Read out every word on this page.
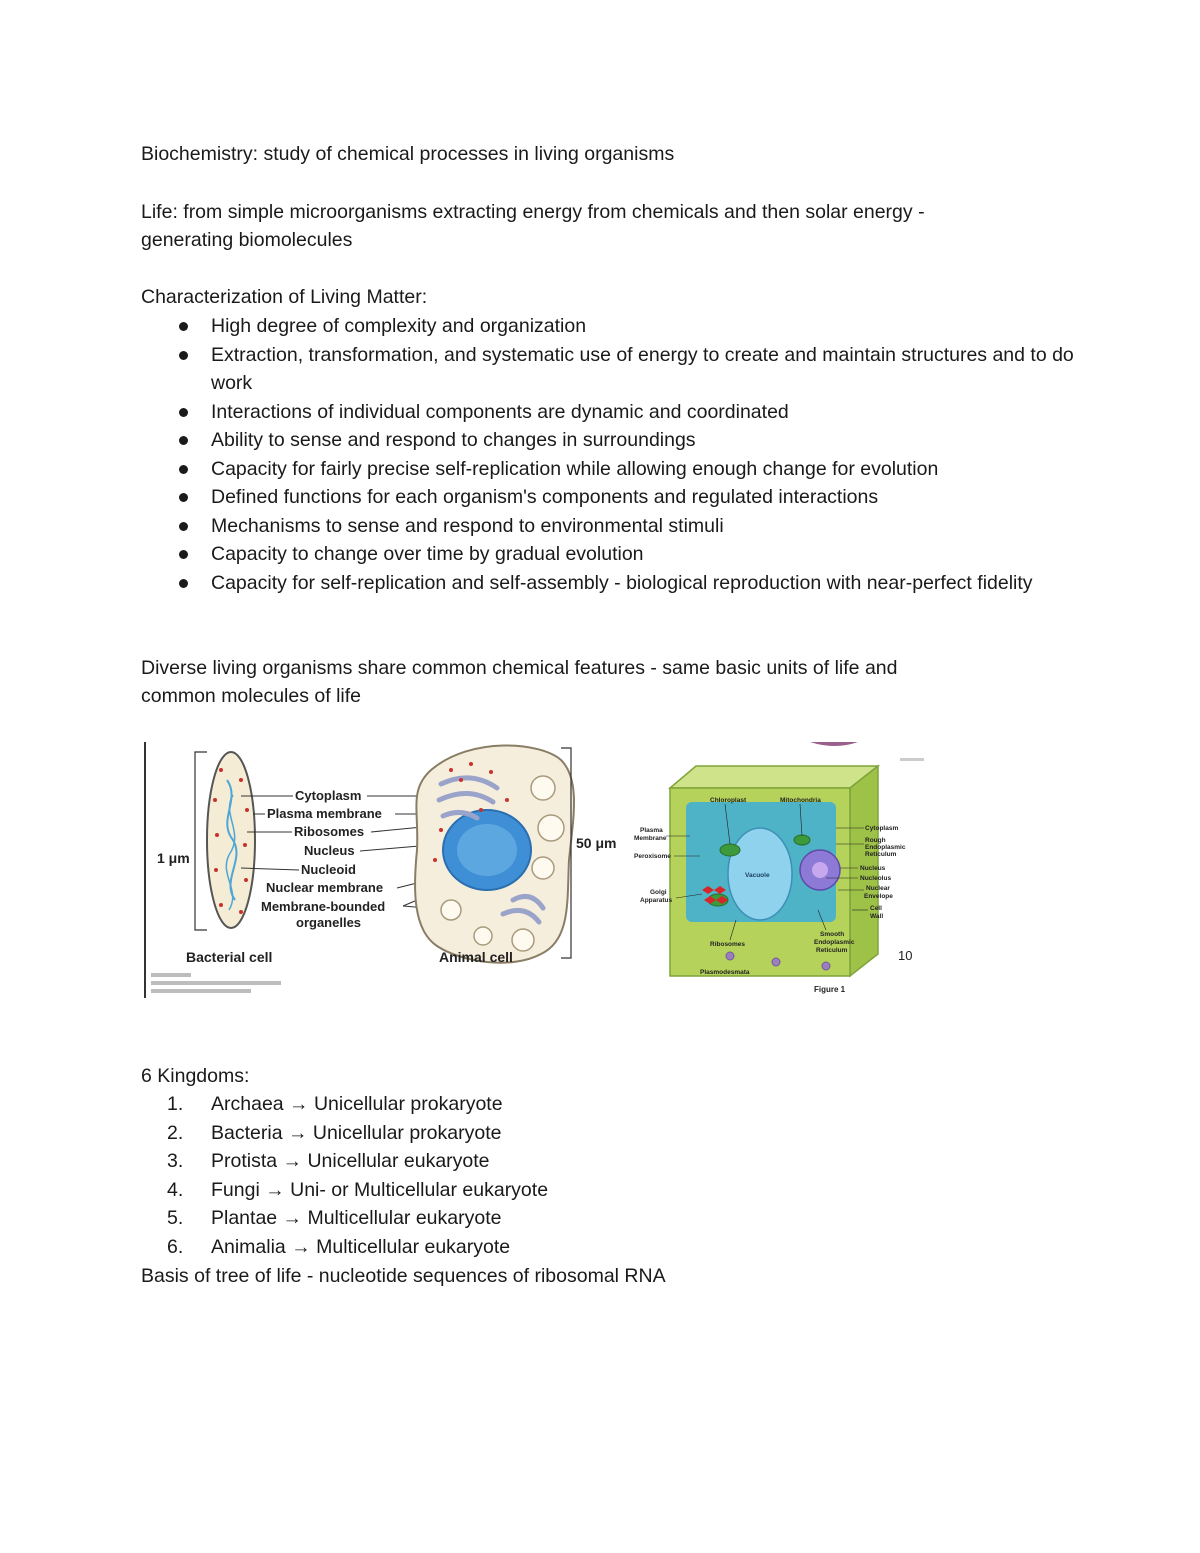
Biochemistry: study of chemical processes in living organisms

Life: from simple microorganisms extracting energy from chemicals and then solar energy -

generating biomolecules

Characterization of Living Matter:

High degree of complexity and organization
Extraction, transformation, and systematic use of energy to create and maintain structures and to do work
Interactions of individual components are dynamic and coordinated
Ability to sense and respond to changes in surroundings
Capacity for fairly precise self-replication while allowing enough change for evolution
Defined functions for each organism's components and regulated interactions
Mechanisms to sense and respond to environmental stimuli
Capacity to change over time by gradual evolution
Capacity for self-replication and self-assembly - biological reproduction with near-perfect fidelity

Diverse living organisms share common chemical features - same basic units of life and

common molecules of life

1 μm
Cytoplasm
Plasma membrane
Ribosomes
Nucleus
Nucleoid
Nuclear membrane
Membrane-bounded
organelles
50 μm
Bacterial cell	Animal cell
Vacuole
Chloroplast	Mitochondria
Plasma
Membrane
Peroxisome
Golgi
Apparatus
Cytoplasm
Rough
Endoplasmic
Reticulum
Nucleus
Nucleolus
Nuclear
Envelope
Cell
Wall
Ribosomes
Smooth
Endoplasmic
Reticulum
Plasmodesmata
10
Figure 1

6 Kingdoms:

1.	Archaea → Unicellular prokaryote
2.	Bacteria → Unicellular prokaryote
3.	Protista → Unicellular eukaryote
4.	Fungi → Uni- or Multicellular eukaryote
5.	Plantae → Multicellular eukaryote
6.	Animalia → Multicellular eukaryote

Basis of tree of life - nucleotide sequences of ribosomal RNA
